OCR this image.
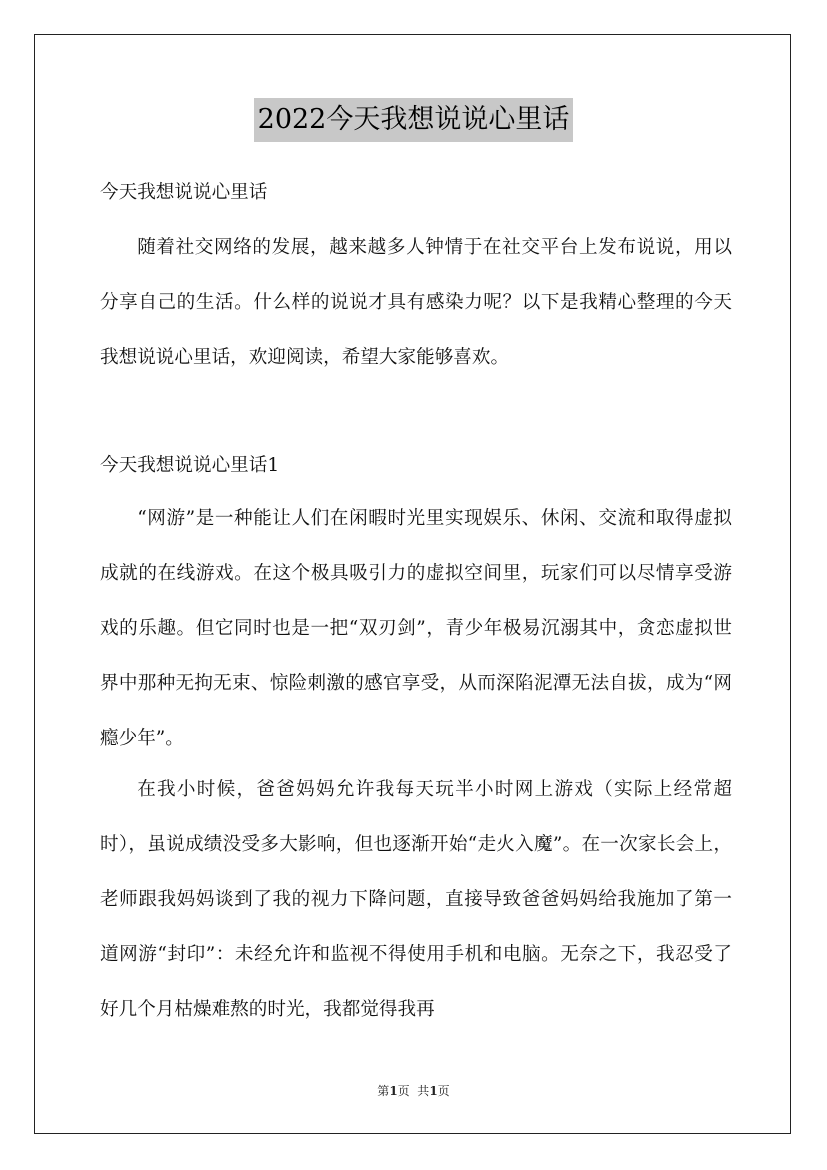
2022今天我想说说心里话
今天我想说说心里话
随着社交网络的发展，越来越多人钟情于在社交平台上发布说说，用以分享自己的生活。什么样的说说才具有感染力呢？以下是我精心整理的今天我想说说心里话，欢迎阅读，希望大家能够喜欢。
今天我想说说心里话1
“网游”是一种能让人们在闲暇时光里实现娱乐、休闲、交流和取得虚拟成就的在线游戏。在这个极具吸引力的虚拟空间里，玩家们可以尽情享受游戏的乐趣。但它同时也是一把“双刃剑”，青少年极易沉溺其中，贪恋虚拟世界中那种无拘无束、惊险刺激的感官享受，从而深陷泥潭无法自拔，成为“网瘾少年”。
在我小时候，爸爸妈妈允许我每天玩半小时网上游戏（实际上经常超时），虽说成绩没受多大影响，但也逐渐开始“走火入魔”。在一次家长会上，老师跟我妈妈谈到了我的视力下降问题，直接导致爸爸妈妈给我施加了第一道网游“封印”：未经允许和监视不得使用手机和电脑。无奈之下，我忍受了好几个月枯燥难熬的时光，我都觉得我再
第1页  共1页
